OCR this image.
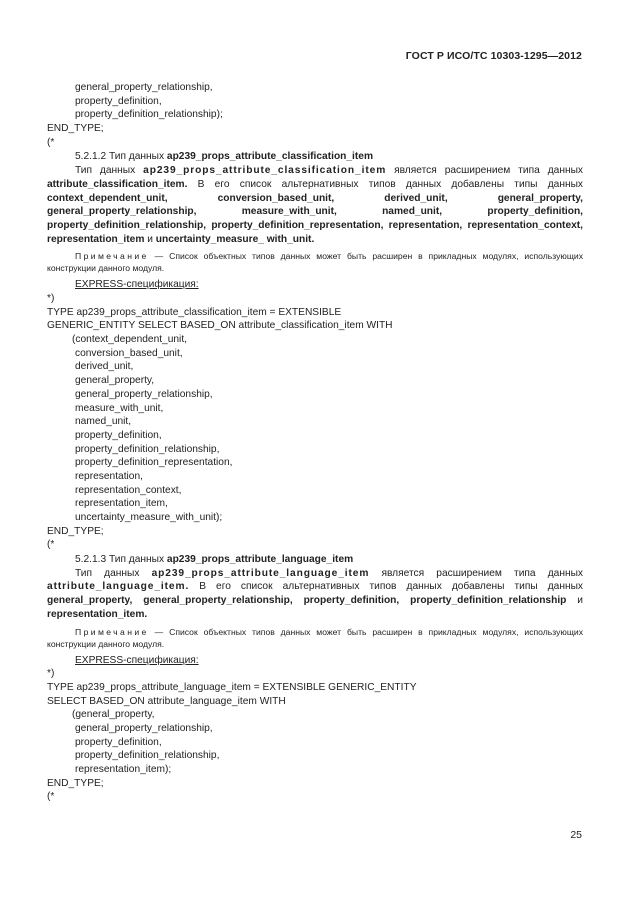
ГОСТ Р ИСО/ТС 10303-1295—2012
general_property_relationship,
property_definition,
property_definition_relationship);
END_TYPE;
(*
5.2.1.2 Тип данных ap239_props_attribute_classification_item

Тип данных ap239_props_attribute_classification_item является расширением типа данных attribute_classification_item. В его список альтернативных типов данных добавлены типы данных context_dependent_unit, conversion_based_unit, derived_unit, general_property, general_property_relationship, measure_with_unit, named_unit, property_definition, property_definition_relationship, property_definition_representation, representation, representation_context, representation_item и uncertainty_measure_ with_unit.

Примечание — Список объектных типов данных может быть расширен в прикладных модулях, использующих конструкции данного модуля.

EXPRESS-спецификация:
*)
TYPE ap239_props_attribute_classification_item = EXTENSIBLE
GENERIC_ENTITY SELECT BASED_ON attribute_classification_item WITH
(context_dependent_unit,
conversion_based_unit,
derived_unit,
general_property,
general_property_relationship,
measure_with_unit,
named_unit,
property_definition,
property_definition_relationship,
property_definition_representation,
representation,
representation_context,
representation_item,
uncertainty_measure_with_unit);
END_TYPE;
(*
5.2.1.3 Тип данных ap239_props_attribute_language_item

Тип данных ap239_props_attribute_language_item является расширением типа данных attribute_language_item. В его список альтернативных типов данных добавлены типы данных general_property, general_property_relationship, property_definition, property_definition_relationship и representation_item.

Примечание — Список объектных типов данных может быть расширен в прикладных модулях, использующих конструкции данного модуля.

EXPRESS-спецификация:
*)
TYPE ap239_props_attribute_language_item = EXTENSIBLE GENERIC_ENTITY
SELECT BASED_ON attribute_language_item WITH
(general_property,
general_property_relationship,
property_definition,
property_definition_relationship,
representation_item);
END_TYPE;
(*
25
